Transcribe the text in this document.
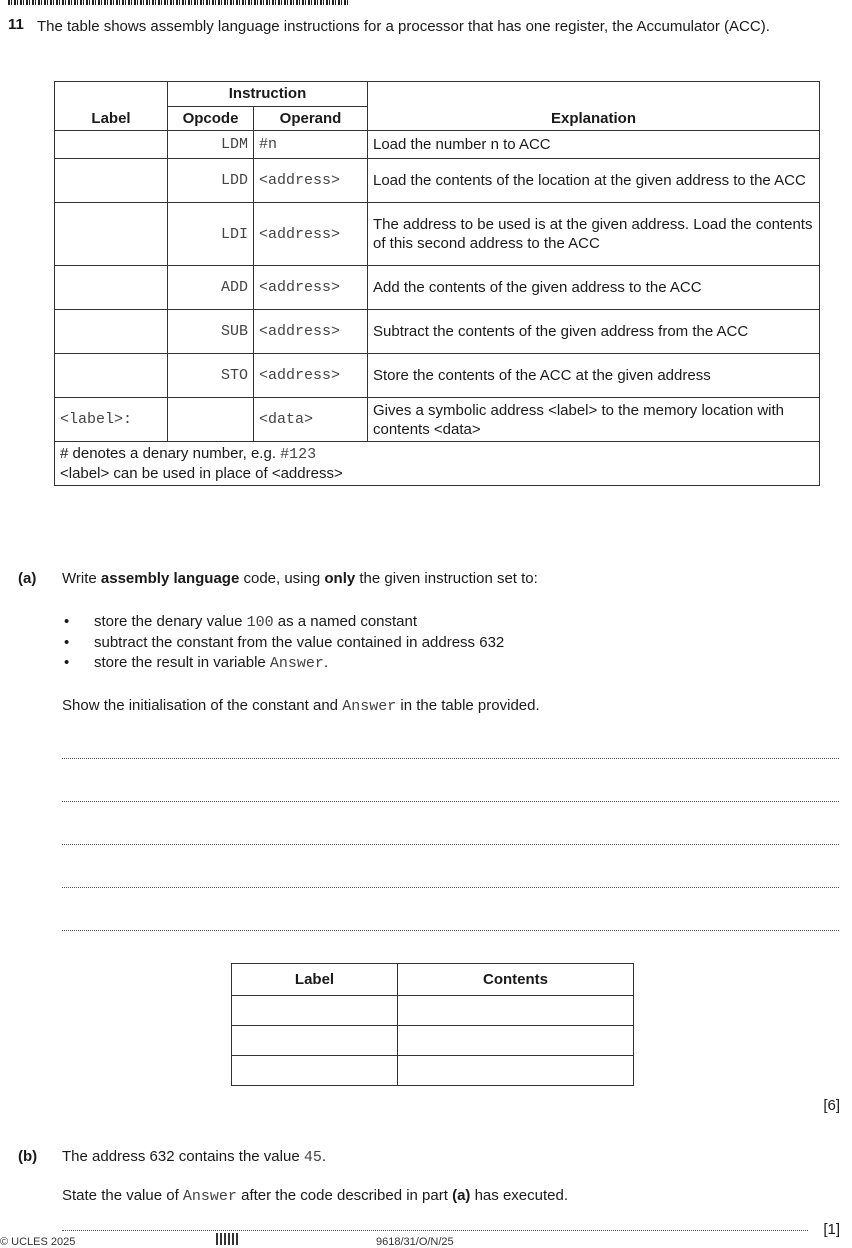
11 The table shows assembly language instructions for a processor that has one register, the Accumulator (ACC).
Label	Instruction		Explanation
	Opcode	Operand	
	LDM	#n	Load the number n to ACC
	LDD	<address>	Load the contents of the location at the given address to the ACC
	LDI	<address>	The address to be used is at the given address. Load the contents of this second address to the ACC
	ADD	<address>	Add the contents of the given address to the ACC
	SUB	<address>	Subtract the contents of the given address from the ACC
	STO	<address>	Store the contents of the ACC at the given address
<label>:		<data>	Gives a symbolic address <label> to the memory location with contents <data>

# denotes a denary number, e.g. #123
<label> can be used in place of <address>			
(a) Write assembly language code, using only the given instruction set to:
• store the denary value 100 as a named constant
• subtract the constant from the value contained in address 632
• store the result in variable Answer.
Show the initialisation of the constant and Answer in the table provided.
Label	Contents

[6]
(b) The address 632 contains the value 45.
State the value of Answer after the code described in part (a) has executed.
[1]
© UCLES 2025	9618/31/O/N/25
